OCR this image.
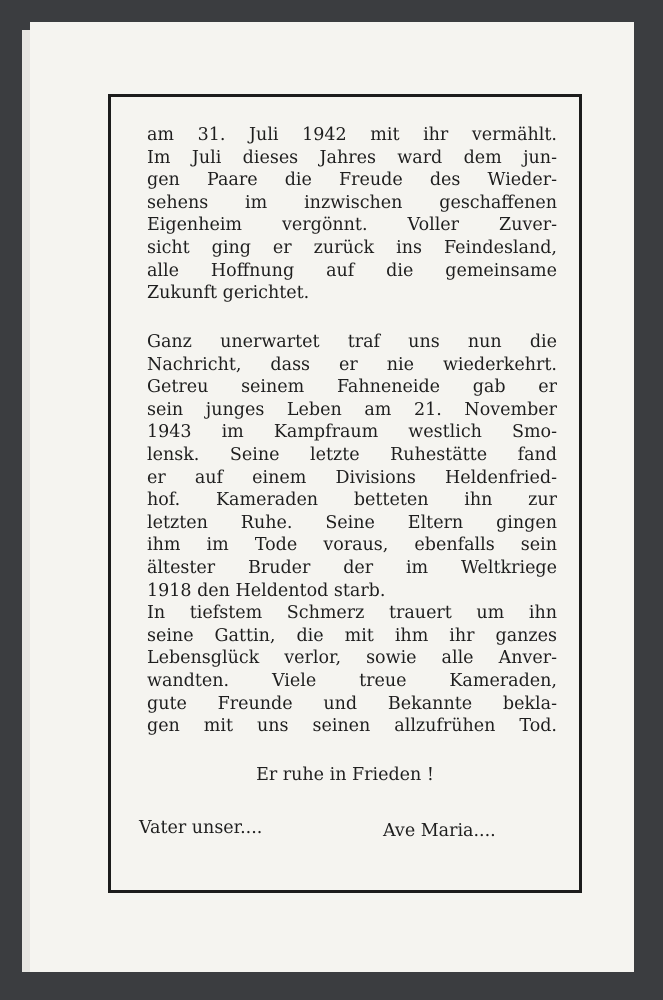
am 31. Juli 1942 mit ihr vermählt.
Im Juli dieses Jahres ward dem jun-
gen Paare die Freude des Wieder-
sehens im inzwischen geschaffenen
Eigenheim vergönnt. Voller Zuver-
sicht ging er zurück ins Feindesland,
alle Hoffnung auf die gemeinsame
Zukunft gerichtet.

Ganz unerwartet traf uns nun die
Nachricht, dass er nie wiederkehrt.
Getreu seinem Fahneneide gab er
sein junges Leben am 21. November
1943 im Kampfraum westlich Smo-
lensk. Seine letzte Ruhestätte fand
er auf einem Divisions Heldenfried-
hof. Kameraden betteten ihn zur
letzten Ruhe. Seine Eltern gingen
ihm im Tode voraus, ebenfalls sein
ältester Bruder der im Weltkriege
1918 den Heldentod starb.
In tiefstem Schmerz trauert um ihn
seine Gattin, die mit ihm ihr ganzes
Lebensglück verlor, sowie alle Anver-
wandten. Viele treue Kameraden,
gute Freunde und Bekannte bekla-
gen mit uns seinen allzufrühen Tod.

Er ruhe in Frieden !
Vater unser....	Ave Maria....
